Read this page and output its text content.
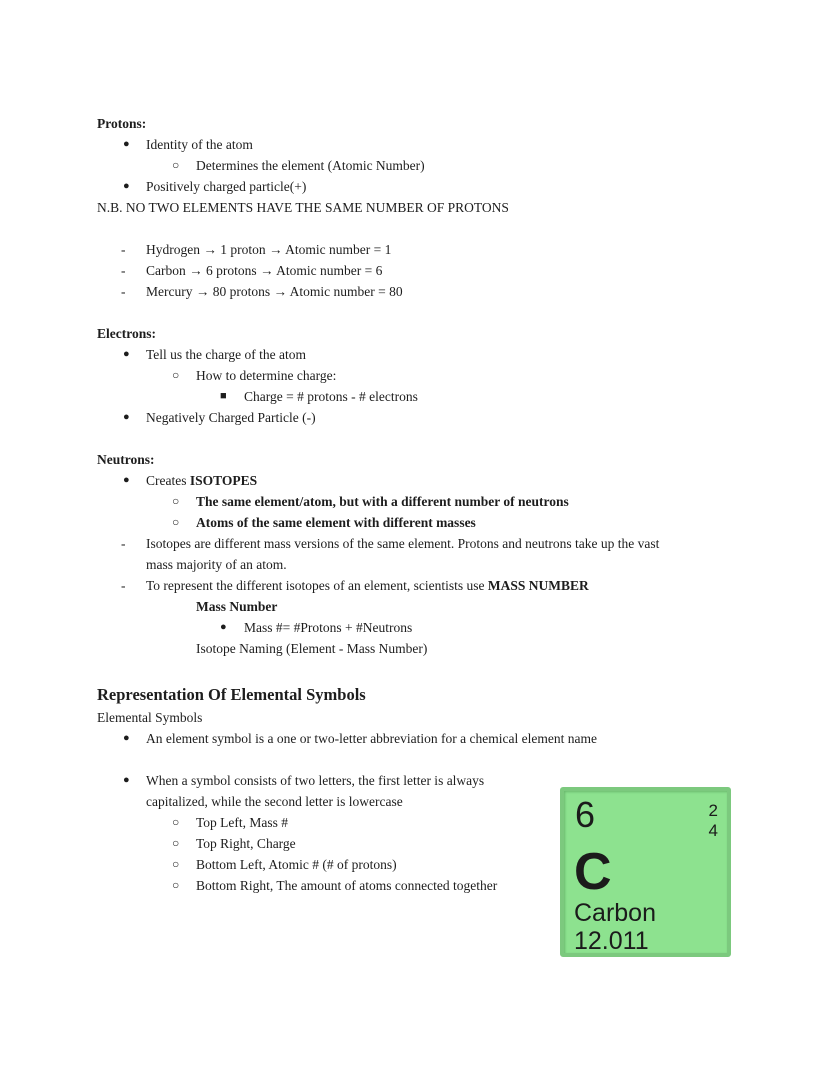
Protons:
● Identity of the atom
○ Determines the element (Atomic Number)
● Positively charged particle(+)
N.B. NO TWO ELEMENTS HAVE THE SAME NUMBER OF PROTONS
- Hydrogen → 1 proton → Atomic number = 1
- Carbon → 6 protons → Atomic number = 6
- Mercury → 80 protons → Atomic number = 80
Electrons:
● Tell us the charge of the atom
○ How to determine charge:
■ Charge = # protons - # electrons
● Negatively Charged Particle (-)
Neutrons:
● Creates ISOTOPES
○ The same element/atom, but with a different number of neutrons
○ Atoms of the same element with different masses
- Isotopes are different mass versions of the same element. Protons and neutrons take up the vast
mass majority of an atom.
- To represent the different isotopes of an element, scientists use MASS NUMBER
Mass Number
● Mass #= #Protons + #Neutrons
Isotope Naming (Element - Mass Number)
Representation Of Elemental Symbols
Elemental Symbols
● An element symbol is a one or two-letter abbreviation for a chemical element name
● When a symbol consists of two letters, the first letter is always
capitalized, while the second letter is lowercase
○ Top Left, Mass #
○ Top Right, Charge
○ Bottom Left, Atomic # (# of protons)
○ Bottom Right, The amount of atoms connected together
6	2
4
C
Carbon
12.011
